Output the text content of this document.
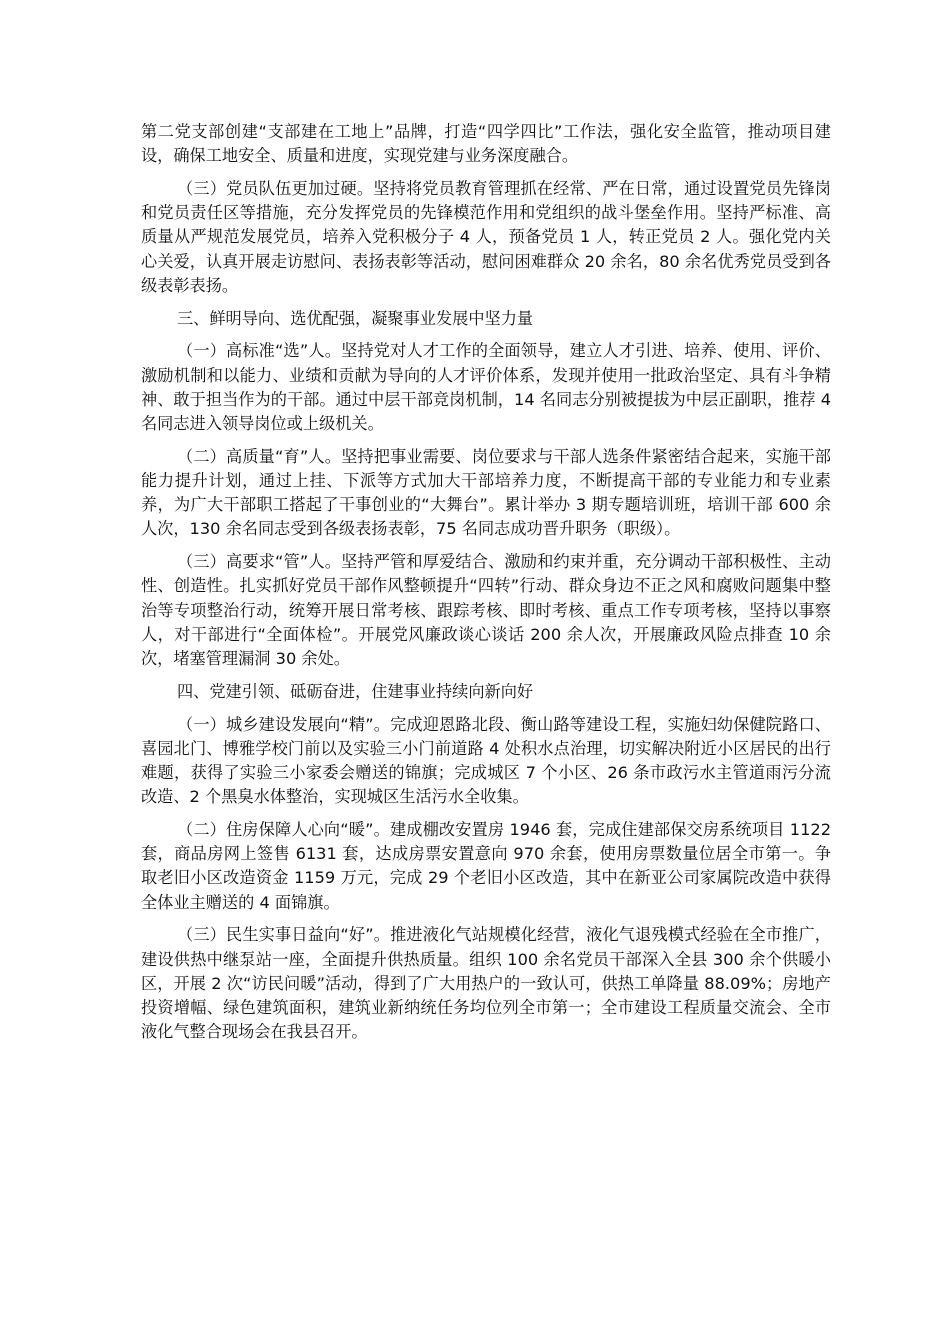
第二党支部创建“支部建在工地上”品牌，打造“四学四比”工作法，强化安全监管，推动项目建设，确保工地安全、质量和进度，实现党建与业务深度融合。

（三）党员队伍更加过硬。坚持将党员教育管理抓在经常、严在日常，通过设置党员先锋岗和党员责任区等措施，充分发挥党员的先锋模范作用和党组织的战斗堡垒作用。坚持严标准、高质量从严规范发展党员，培养入党积极分子 4 人，预备党员 1 人，转正党员 2 人。强化党内关心关爱，认真开展走访慰问、表扬表彰等活动，慰问困难群众 20 余名，80 余名优秀党员受到各级表彰表扬。

三、鲜明导向、选优配强，凝聚事业发展中坚力量

（一）高标准“选”人。坚持党对人才工作的全面领导，建立人才引进、培养、使用、评价、激励机制和以能力、业绩和贡献为导向的人才评价体系，发现并使用一批政治坚定、具有斗争精神、敢于担当作为的干部。通过中层干部竞岗机制，14 名同志分别被提拔为中层正副职，推荐 4 名同志进入领导岗位或上级机关。

（二）高质量“育”人。坚持把事业需要、岗位要求与干部人选条件紧密结合起来，实施干部能力提升计划，通过上挂、下派等方式加大干部培养力度，不断提高干部的专业能力和专业素养，为广大干部职工搭起了干事创业的“大舞台”。累计举办 3 期专题培训班，培训干部 600 余人次，130 余名同志受到各级表扬表彰，75 名同志成功晋升职务（职级）。

（三）高要求“管”人。坚持严管和厚爱结合、激励和约束并重，充分调动干部积极性、主动性、创造性。扎实抓好党员干部作风整顿提升“四转”行动、群众身边不正之风和腐败问题集中整治等专项整治行动，统筹开展日常考核、跟踪考核、即时考核、重点工作专项考核，坚持以事察人，对干部进行“全面体检”。开展党风廉政谈心谈话 200 余人次，开展廉政风险点排查 10 余次，堵塞管理漏洞 30 余处。

四、党建引领、砥砺奋进，住建事业持续向新向好

（一）城乡建设发展向“精”。完成迎恩路北段、衡山路等建设工程，实施妇幼保健院路口、喜园北门、博雅学校门前以及实验三小门前道路 4 处积水点治理，切实解决附近小区居民的出行难题，获得了实验三小家委会赠送的锦旗；完成城区 7 个小区、26 条市政污水主管道雨污分流改造、2 个黑臭水体整治，实现城区生活污水全收集。

（二）住房保障人心向“暖”。建成棚改安置房 1946 套，完成住建部保交房系统项目 1122 套，商品房网上签售 6131 套，达成房票安置意向 970 余套，使用房票数量位居全市第一。争取老旧小区改造资金 1159 万元，完成 29 个老旧小区改造，其中在新亚公司家属院改造中获得全体业主赠送的 4 面锦旗。

（三）民生实事日益向“好”。推进液化气站规模化经营，液化气退残模式经验在全市推广，建设供热中继泵站一座，全面提升供热质量。组织 100 余名党员干部深入全县 300 余个供暖小区，开展 2 次“访民问暖”活动，得到了广大用热户的一致认可，供热工单降量 88.09%；房地产投资增幅、绿色建筑面积，建筑业新纳统任务均位列全市第一；全市建设工程质量交流会、全市液化气整合现场会在我县召开。
